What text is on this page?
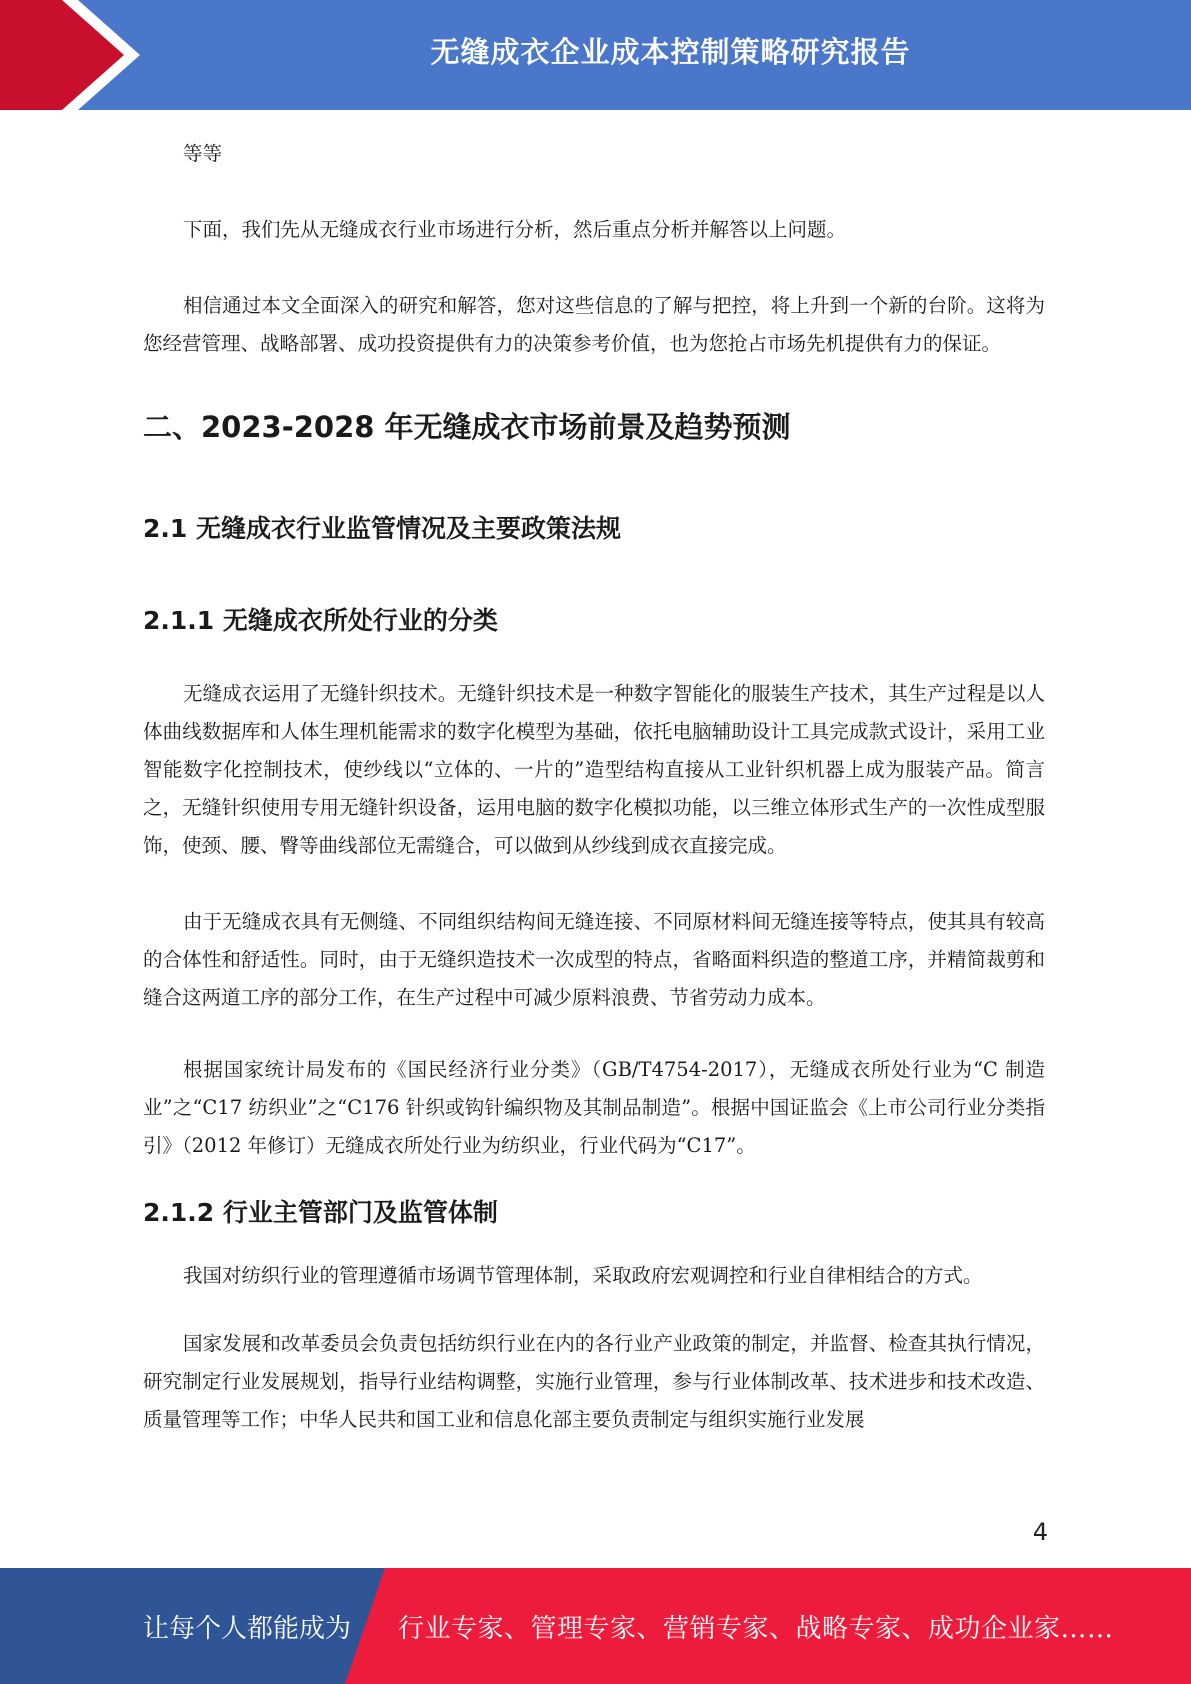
无缝成衣企业成本控制策略研究报告

等等

下面，我们先从无缝成衣行业市场进行分析，然后重点分析并解答以上问题。

相信通过本文全面深入的研究和解答，您对这些信息的了解与把控，将上升到一个新的台阶。这将为您经营管理、战略部署、成功投资提供有力的决策参考价值，也为您抢占市场先机提供有力的保证。

二、2023-2028 年无缝成衣市场前景及趋势预测
2.1 无缝成衣行业监管情况及主要政策法规
2.1.1 无缝成衣所处行业的分类

无缝成衣运用了无缝针织技术。无缝针织技术是一种数字智能化的服装生产技术，其生产过程是以人体曲线数据库和人体生理机能需求的数字化模型为基础，依托电脑辅助设计工具完成款式设计，采用工业智能数字化控制技术，使纱线以“立体的、一片的”造型结构直接从工业针织机器上成为服装产品。简言之，无缝针织使用专用无缝针织设备，运用电脑的数字化模拟功能，以三维立体形式生产的一次性成型服饰，使颈、腰、臀等曲线部位无需缝合，可以做到从纱线到成衣直接完成。

由于无缝成衣具有无侧缝、不同组织结构间无缝连接、不同原材料间无缝连接等特点，使其具有较高的合体性和舒适性。同时，由于无缝织造技术一次成型的特点，省略面料织造的整道工序，并精简裁剪和缝合这两道工序的部分工作，在生产过程中可减少原料浪费、节省劳动力成本。

根据国家统计局发布的《国民经济行业分类》（GB/T4754-2017），无缝成衣所处行业为“C 制造业”之“C17 纺织业”之“C176 针织或钩针编织物及其制品制造”。根据中国证监会《上市公司行业分类指引》（2012 年修订）无缝成衣所处行业为纺织业，行业代码为“C17”。

2.1.2 行业主管部门及监管体制

我国对纺织行业的管理遵循市场调节管理体制，采取政府宏观调控和行业自律相结合的方式。

国家发展和改革委员会负责包括纺织行业在内的各行业产业政策的制定，并监督、检查其执行情况，研究制定行业发展规划，指导行业结构调整，实施行业管理，参与行业体制改革、技术进步和技术改造、质量管理等工作；中华人民共和国工业和信息化部主要负责制定与组织实施行业发展

4
让每个人都能成为 行业专家、管理专家、营销专家、战略专家、成功企业家……
